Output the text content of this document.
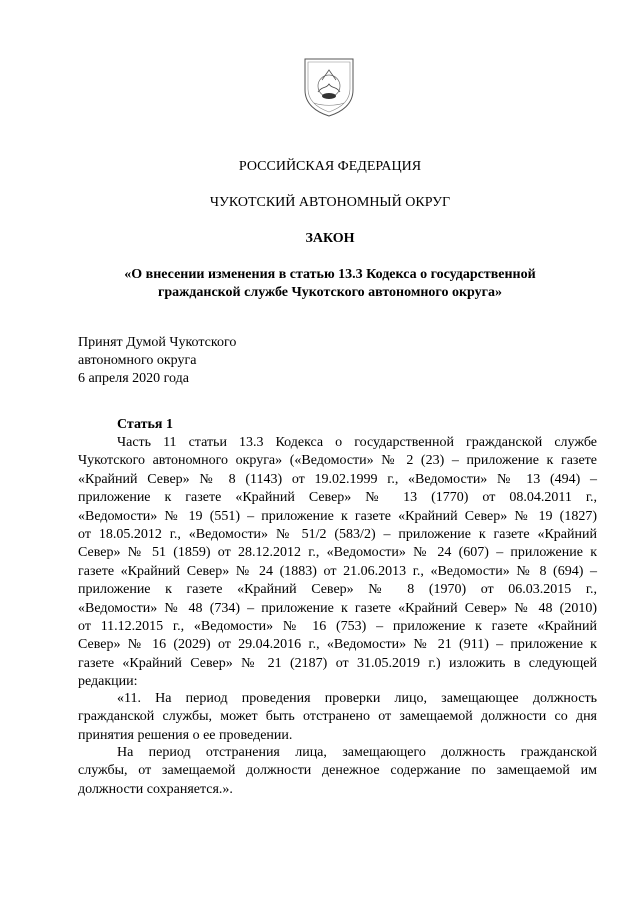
РОССИЙСКАЯ ФЕДЕРАЦИЯ
ЧУКОТСКИЙ АВТОНОМНЫЙ ОКРУГ
ЗАКОН
«О внесении изменения в статью 13.3 Кодекса о государственной
гражданской службе Чукотского автономного округа»
Принят Думой Чукотского
автономного округа
6 апреля 2020 года
Статья 1
Часть 11 статьи 13.3 Кодекса о государственной гражданской службе
Чукотского автономного округа» («Ведомости» № 2 (23) – приложение к газете
«Крайний Север» № 8 (1143) от 19.02.1999 г., «Ведомости» № 13 (494) –
приложение к газете «Крайний Север» № 13 (1770) от 08.04.2011 г.,
«Ведомости» № 19 (551) – приложение к газете «Крайний Север» № 19 (1827)
от 18.05.2012 г., «Ведомости» № 51/2 (583/2) – приложение к газете «Крайний
Север» № 51 (1859) от 28.12.2012 г., «Ведомости» № 24 (607) – приложение к
газете «Крайний Север» № 24 (1883) от 21.06.2013 г., «Ведомости» № 8 (694) –
приложение к газете «Крайний Север» № 8 (1970) от 06.03.2015 г.,
«Ведомости» № 48 (734) – приложение к газете «Крайний Север» № 48 (2010)
от 11.12.2015 г., «Ведомости» № 16 (753) – приложение к газете «Крайний
Север» № 16 (2029) от 29.04.2016 г., «Ведомости» № 21 (911) – приложение к
газете «Крайний Север» № 21 (2187) от 31.05.2019 г.) изложить в следующей
редакции:
«11. На период проведения проверки лицо, замещающее должность
гражданской службы, может быть отстранено от замещаемой должности со дня
принятия решения о ее проведении.
На период отстранения лица, замещающего должность гражданской
службы, от замещаемой должности денежное содержание по замещаемой им
должности сохраняется.».
